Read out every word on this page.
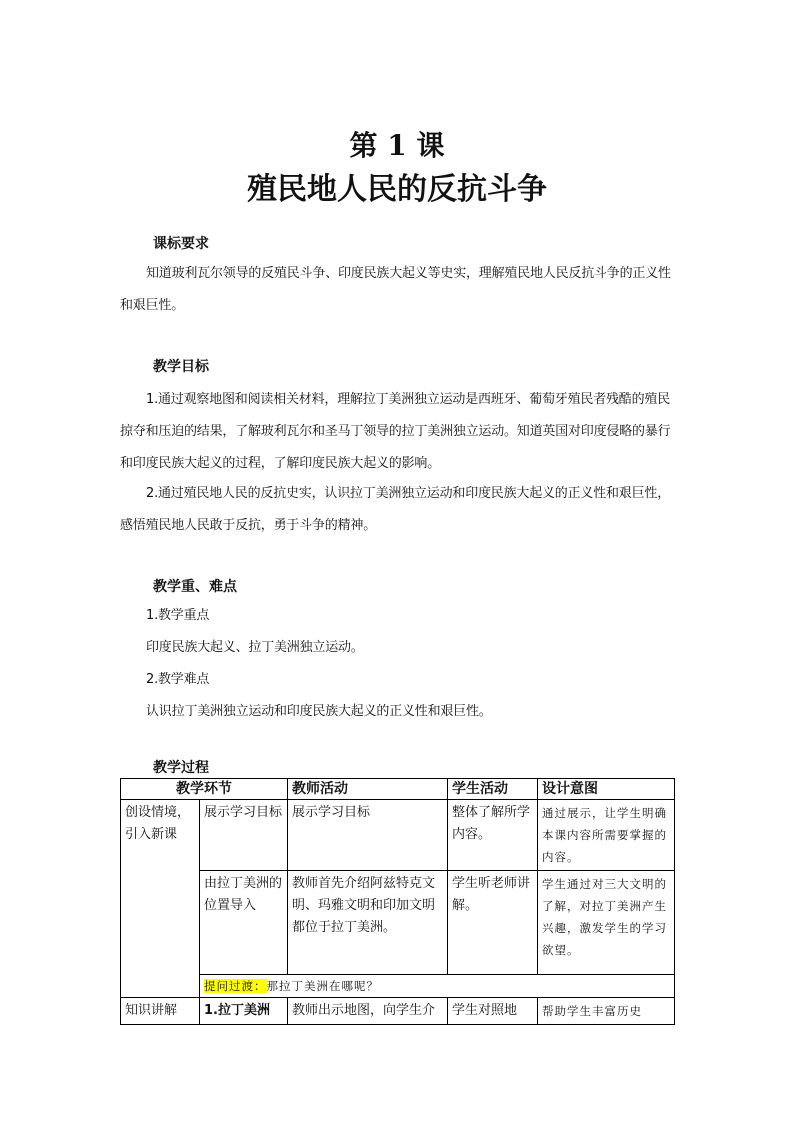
第 1 课
殖民地人民的反抗斗争
课标要求
知道玻利瓦尔领导的反殖民斗争、印度民族大起义等史实，理解殖民地人民反抗斗争的正义性和艰巨性。
教学目标
1.通过观察地图和阅读相关材料，理解拉丁美洲独立运动是西班牙、葡萄牙殖民者残酷的殖民掠夺和压迫的结果，了解玻利瓦尔和圣马丁领导的拉丁美洲独立运动。知道英国对印度侵略的暴行和印度民族大起义的过程，了解印度民族大起义的影响。
2.通过殖民地人民的反抗史实，认识拉丁美洲独立运动和印度民族大起义的正义性和艰巨性，感悟殖民地人民敢于反抗，勇于斗争的精神。
教学重、难点
1.教学重点
印度民族大起义、拉丁美洲独立运动。
2.教学难点
认识拉丁美洲独立运动和印度民族大起义的正义性和艰巨性。
教学过程
教学环节		教师活动	学生活动	设计意图
创设情境，引入新课	展示学习目标	展示学习目标	整体了解所学内容。	通过展示，让学生明确本课内容所需要掌握的内容。
	由拉丁美洲的位置导入	教师首先介绍阿兹特克文明、玛雅文明和印加文明都位于拉丁美洲。	学生听老师讲解。	学生通过对三大文明的了解，对拉丁美洲产生兴趣，激发学生的学习欲望。
	提问过渡：那拉丁美洲在哪呢？			
知识讲解	1.拉丁美洲	教师出示地图，向学生介	学生对照地	帮助学生丰富历史
